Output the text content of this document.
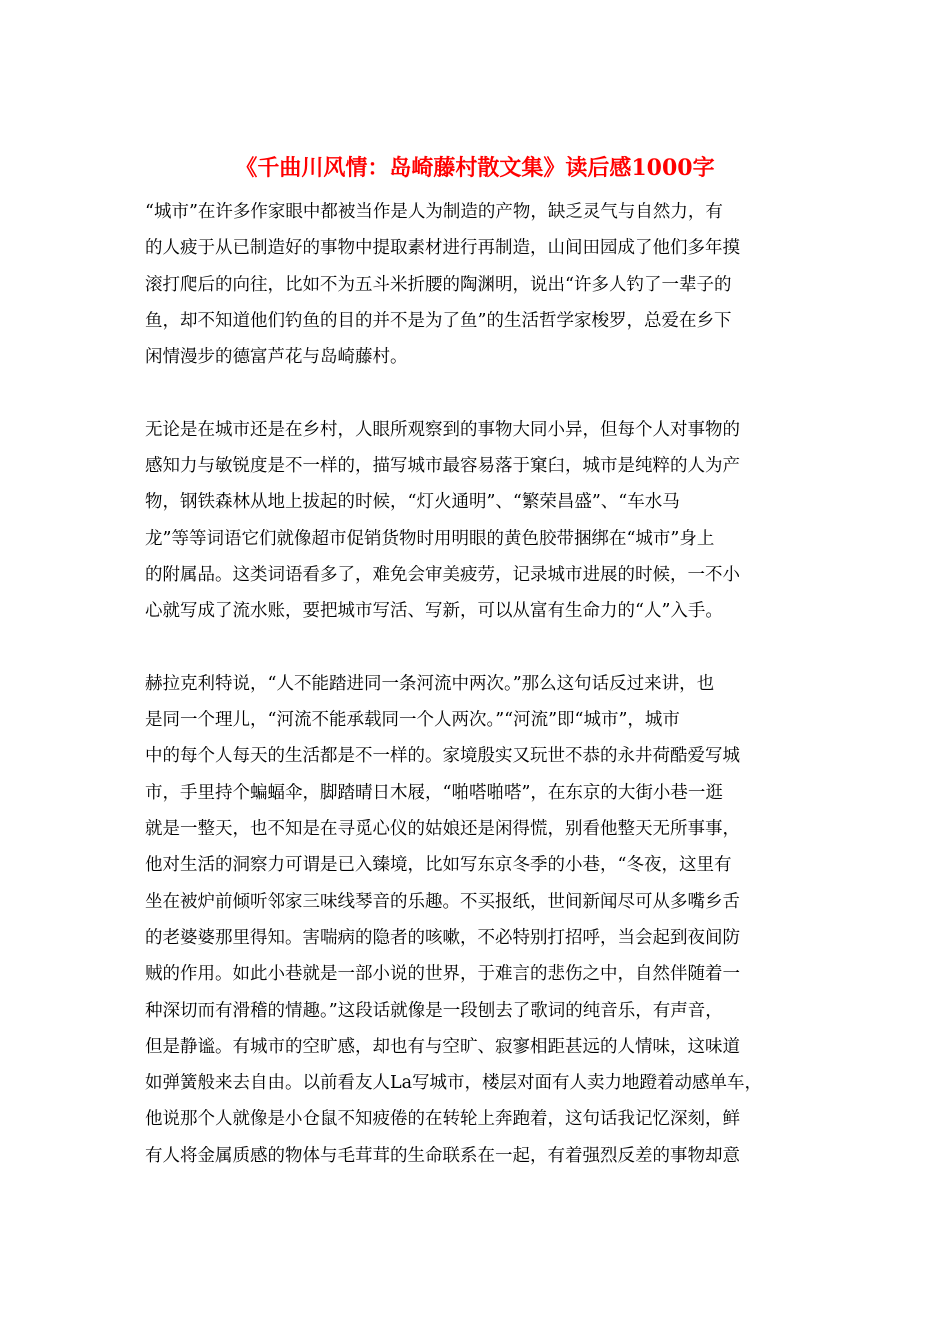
《千曲川风情：岛崎藤村散文集》读后感1000字
“城市”在许多作家眼中都被当作是人为制造的产物，缺乏灵气与自然力，有
的人疲于从已制造好的事物中提取素材进行再制造，山间田园成了他们多年摸
滚打爬后的向往，比如不为五斗米折腰的陶渊明，说出“许多人钓了一辈子的
鱼，却不知道他们钓鱼的目的并不是为了鱼”的生活哲学家梭罗，总爱在乡下
闲情漫步的德富芦花与岛崎藤村。
无论是在城市还是在乡村，人眼所观察到的事物大同小异，但每个人对事物的
感知力与敏锐度是不一样的，描写城市最容易落于窠臼，城市是纯粹的人为产
物，钢铁森林从地上拔起的时候，“灯火通明”、“繁荣昌盛”、“车水马
龙”等等词语它们就像超市促销货物时用明眼的黄色胶带捆绑在“城市”身上
的附属品。这类词语看多了，难免会审美疲劳，记录城市进展的时候，一不小
心就写成了流水账，要把城市写活、写新，可以从富有生命力的“人”入手。
赫拉克利特说，“人不能踏进同一条河流中两次。”那么这句话反过来讲，也
是同一个理儿，“河流不能承载同一个人两次。”“河流”即“城市”，城市
中的每个人每天的生活都是不一样的。家境殷实又玩世不恭的永井荷酷爱写城
市，手里持个蝙蝠伞，脚踏晴日木屐，“啪嗒啪嗒”，在东京的大街小巷一逛
就是一整天，也不知是在寻觅心仪的姑娘还是闲得慌，别看他整天无所事事，
他对生活的洞察力可谓是已入臻境，比如写东京冬季的小巷，“冬夜，这里有
坐在被炉前倾听邻家三味线琴音的乐趣。不买报纸，世间新闻尽可从多嘴乡舌
的老婆婆那里得知。害喘病的隐者的咳嗽，不必特别打招呼，当会起到夜间防
贼的作用。如此小巷就是一部小说的世界，于难言的悲伤之中，自然伴随着一
种深切而有滑稽的情趣。”这段话就像是一段刨去了歌词的纯音乐，有声音，
但是静谧。有城市的空旷感，却也有与空旷、寂寥相距甚远的人情味，这味道
如弹簧般来去自由。以前看友人La写城市，楼层对面有人卖力地蹬着动感单车，
他说那个人就像是小仓鼠不知疲倦的在转轮上奔跑着，这句话我记忆深刻，鲜
有人将金属质感的物体与毛茸茸的生命联系在一起，有着强烈反差的事物却意
